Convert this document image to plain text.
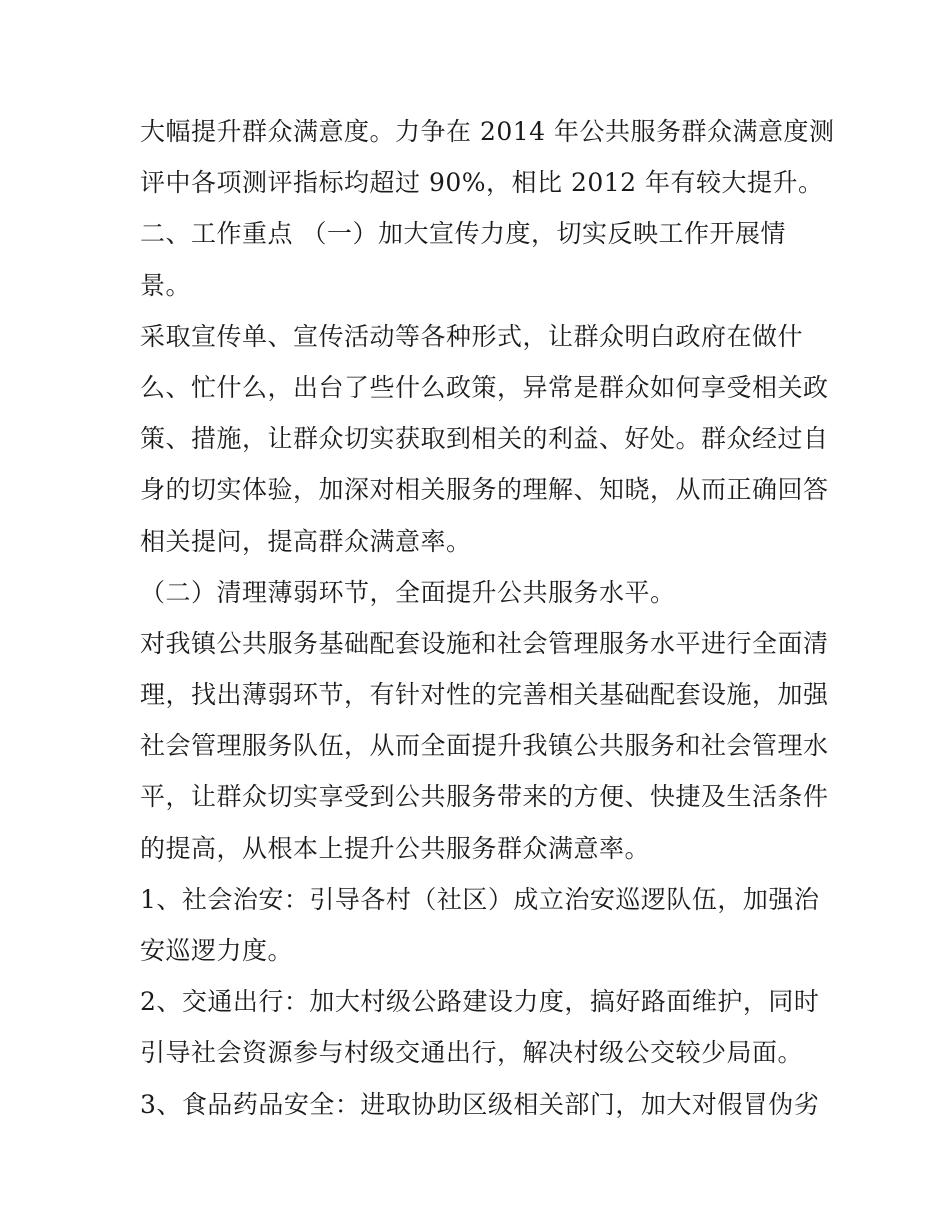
大幅提升群众满意度。力争在 2014 年公共服务群众满意度测
评中各项测评指标均超过 90%，相比 2012 年有较大提升。
二、工作重点 （一）加大宣传力度，切实反映工作开展情
景。
采取宣传单、宣传活动等各种形式，让群众明白政府在做什
么、忙什么，出台了些什么政策，异常是群众如何享受相关政
策、措施，让群众切实获取到相关的利益、好处。群众经过自
身的切实体验，加深对相关服务的理解、知晓，从而正确回答
相关提问，提高群众满意率。
（二）清理薄弱环节，全面提升公共服务水平。
对我镇公共服务基础配套设施和社会管理服务水平进行全面清
理，找出薄弱环节，有针对性的完善相关基础配套设施，加强
社会管理服务队伍，从而全面提升我镇公共服务和社会管理水
平，让群众切实享受到公共服务带来的方便、快捷及生活条件
的提高，从根本上提升公共服务群众满意率。
1、社会治安：引导各村（社区）成立治安巡逻队伍，加强治
安巡逻力度。
2、交通出行：加大村级公路建设力度，搞好路面维护，同时
引导社会资源参与村级交通出行，解决村级公交较少局面。
3、食品药品安全：进取协助区级相关部门，加大对假冒伪劣
